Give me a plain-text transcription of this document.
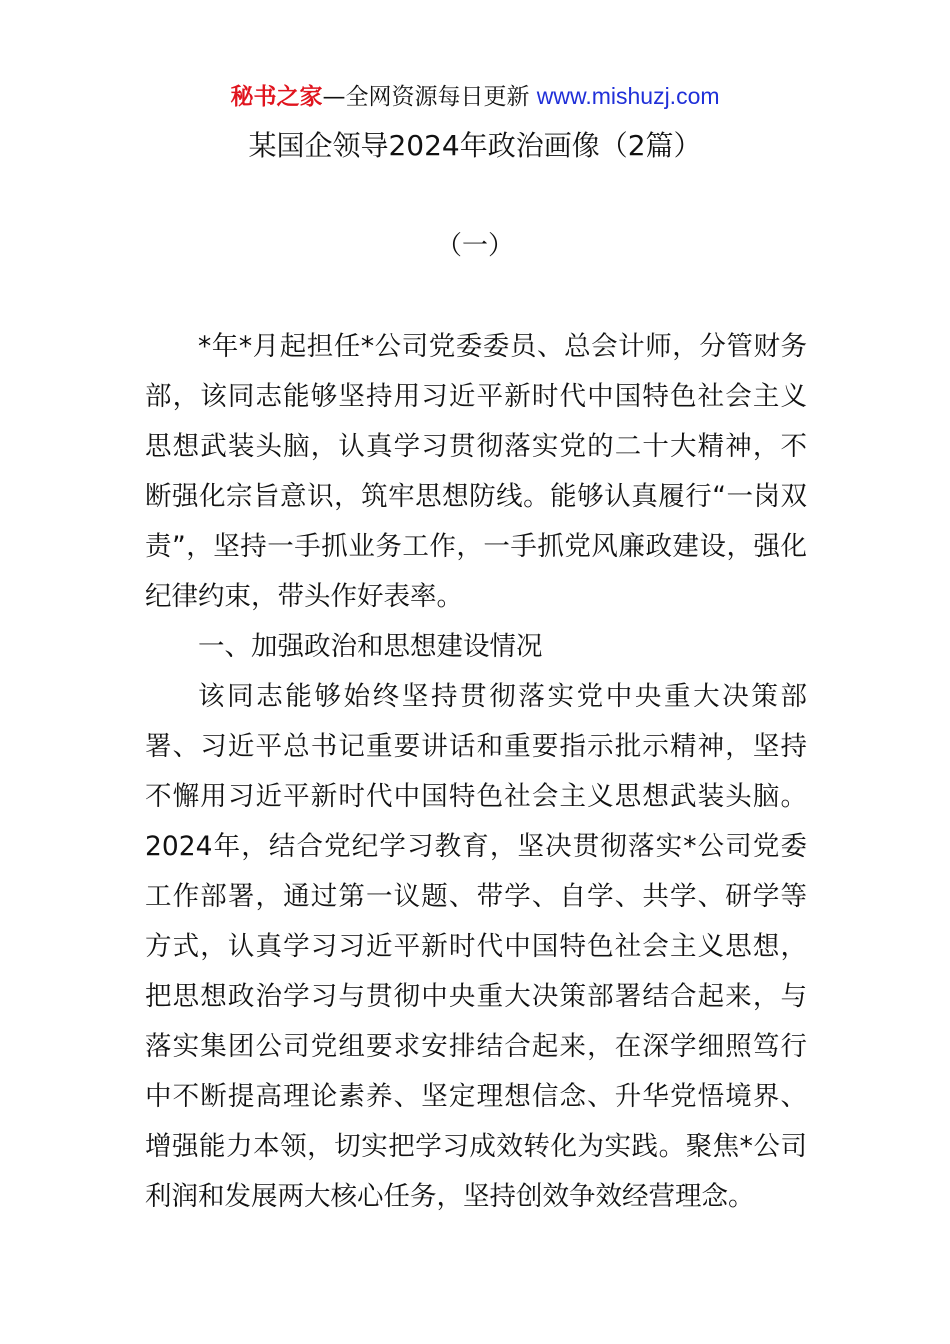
秘书之家—全网资源每日更新 www.mishuzj.com
某国企领导2024年政治画像（2篇）
（一）

*年*月起担任*公司党委委员、总会计师，分管财务部，该同志能够坚持用习近平新时代中国特色社会主义思想武装头脑，认真学习贯彻落实党的二十大精神，不断强化宗旨意识，筑牢思想防线。能够认真履行“一岗双责”，坚持一手抓业务工作，一手抓党风廉政建设，强化纪律约束，带头作好表率。

一、加强政治和思想建设情况

该同志能够始终坚持贯彻落实党中央重大决策部署、习近平总书记重要讲话和重要指示批示精神，坚持不懈用习近平新时代中国特色社会主义思想武装头脑。2024年，结合党纪学习教育，坚决贯彻落实*公司党委工作部署，通过第一议题、带学、自学、共学、研学等方式，认真学习习近平新时代中国特色社会主义思想，把思想政治学习与贯彻中央重大决策部署结合起来，与落实集团公司党组要求安排结合起来，在深学细照笃行中不断提高理论素养、坚定理想信念、升华党悟境界、增强能力本领，切实把学习成效转化为实践。聚焦*公司利润和发展两大核心任务，坚持创效争效经营理念。
